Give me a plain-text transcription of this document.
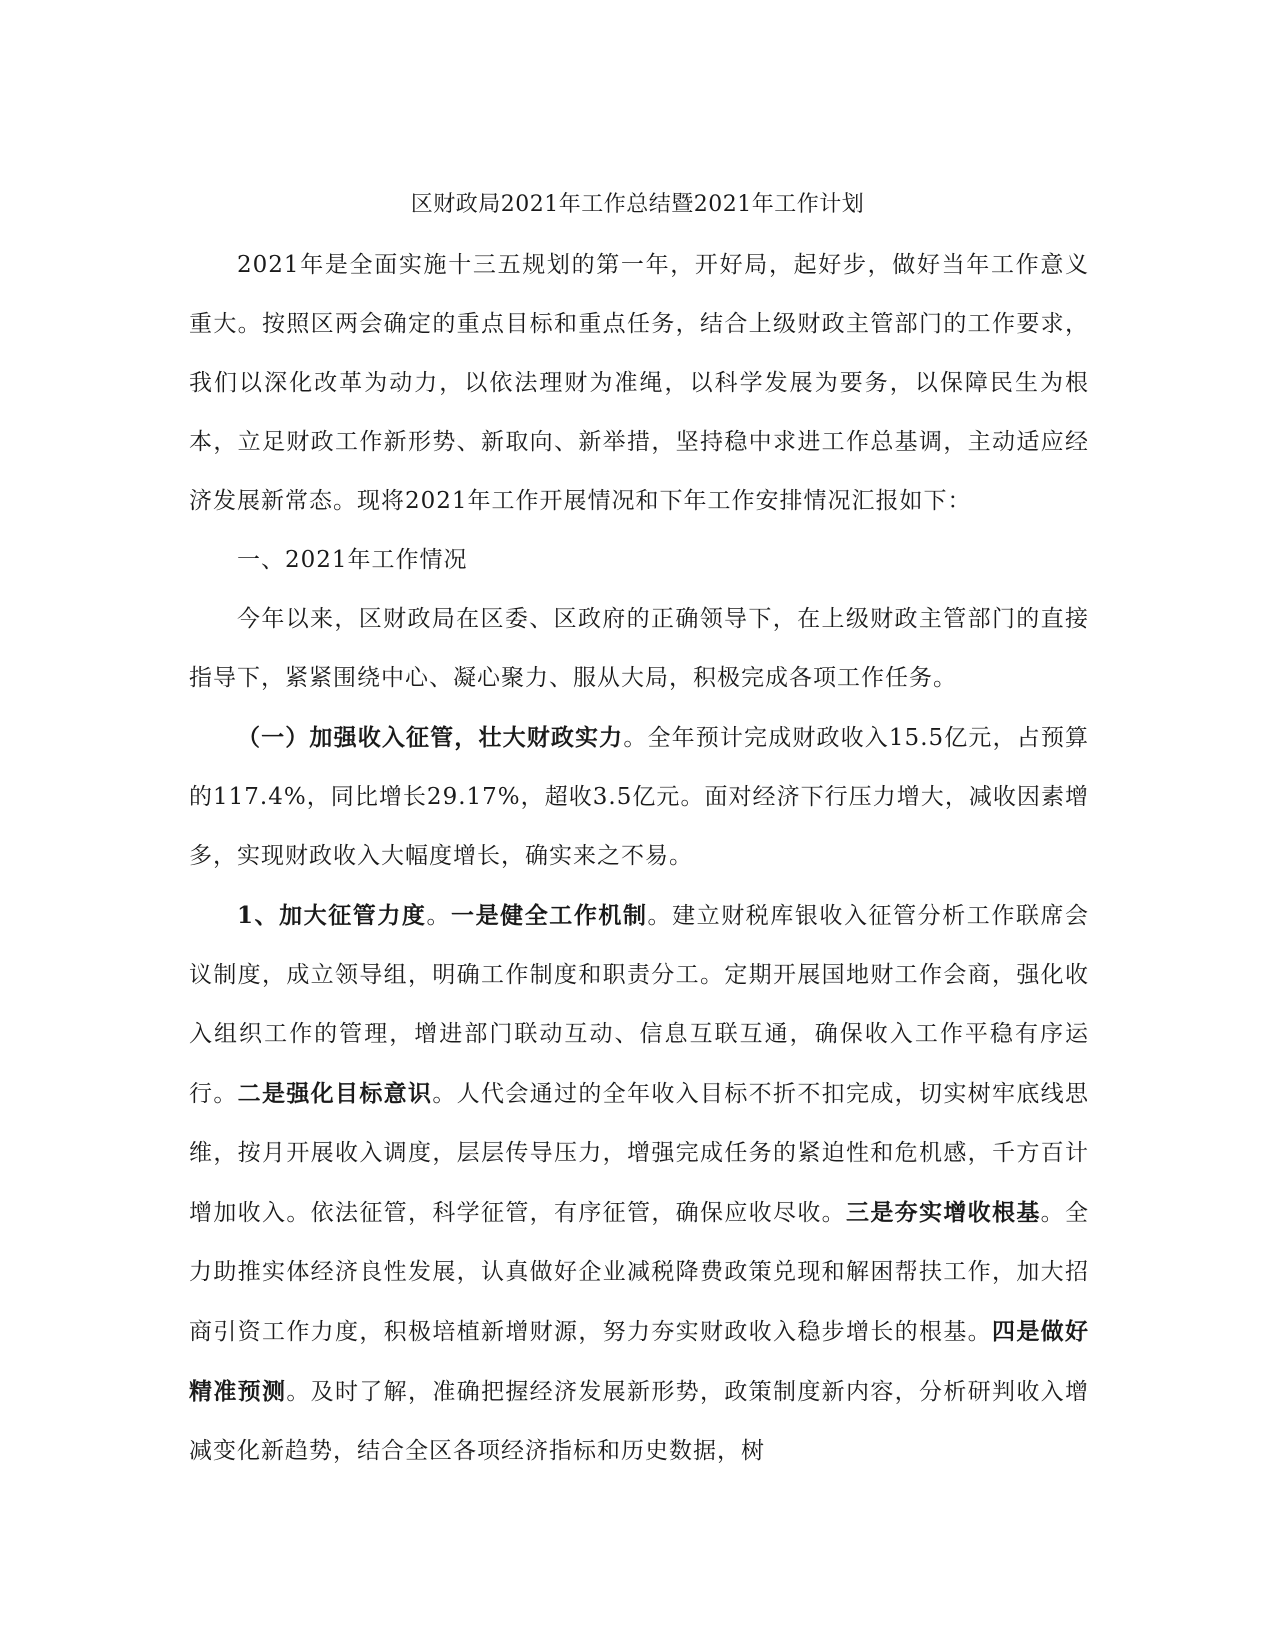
区财政局2021年工作总结暨2021年工作计划

2021年是全面实施十三五规划的第一年，开好局，起好步，做好当年工作意义重大。按照区两会确定的重点目标和重点任务，结合上级财政主管部门的工作要求，我们以深化改革为动力，以依法理财为准绳，以科学发展为要务，以保障民生为根本，立足财政工作新形势、新取向、新举措，坚持稳中求进工作总基调，主动适应经济发展新常态。现将2021年工作开展情况和下年工作安排情况汇报如下：

一、2021年工作情况

今年以来，区财政局在区委、区政府的正确领导下，在上级财政主管部门的直接指导下，紧紧围绕中心、凝心聚力、服从大局，积极完成各项工作任务。

（一）加强收入征管，壮大财政实力。全年预计完成财政收入15.5亿元，占预算的117.4%，同比增长29.17%，超收3.5亿元。面对经济下行压力增大，减收因素增多，实现财政收入大幅度增长，确实来之不易。

1、加大征管力度。一是健全工作机制。建立财税库银收入征管分析工作联席会议制度，成立领导组，明确工作制度和职责分工。定期开展国地财工作会商，强化收入组织工作的管理，增进部门联动互动、信息互联互通，确保收入工作平稳有序运行。二是强化目标意识。人代会通过的全年收入目标不折不扣完成，切实树牢底线思维，按月开展收入调度，层层传导压力，增强完成任务的紧迫性和危机感，千方百计增加收入。依法征管，科学征管，有序征管，确保应收尽收。三是夯实增收根基。全力助推实体经济良性发展，认真做好企业减税降费政策兑现和解困帮扶工作，加大招商引资工作力度，积极培植新增财源，努力夯实财政收入稳步增长的根基。四是做好精准预测。及时了解，准确把握经济发展新形势，政策制度新内容，分析研判收入增减变化新趋势，结合全区各项经济指标和历史数据，树
